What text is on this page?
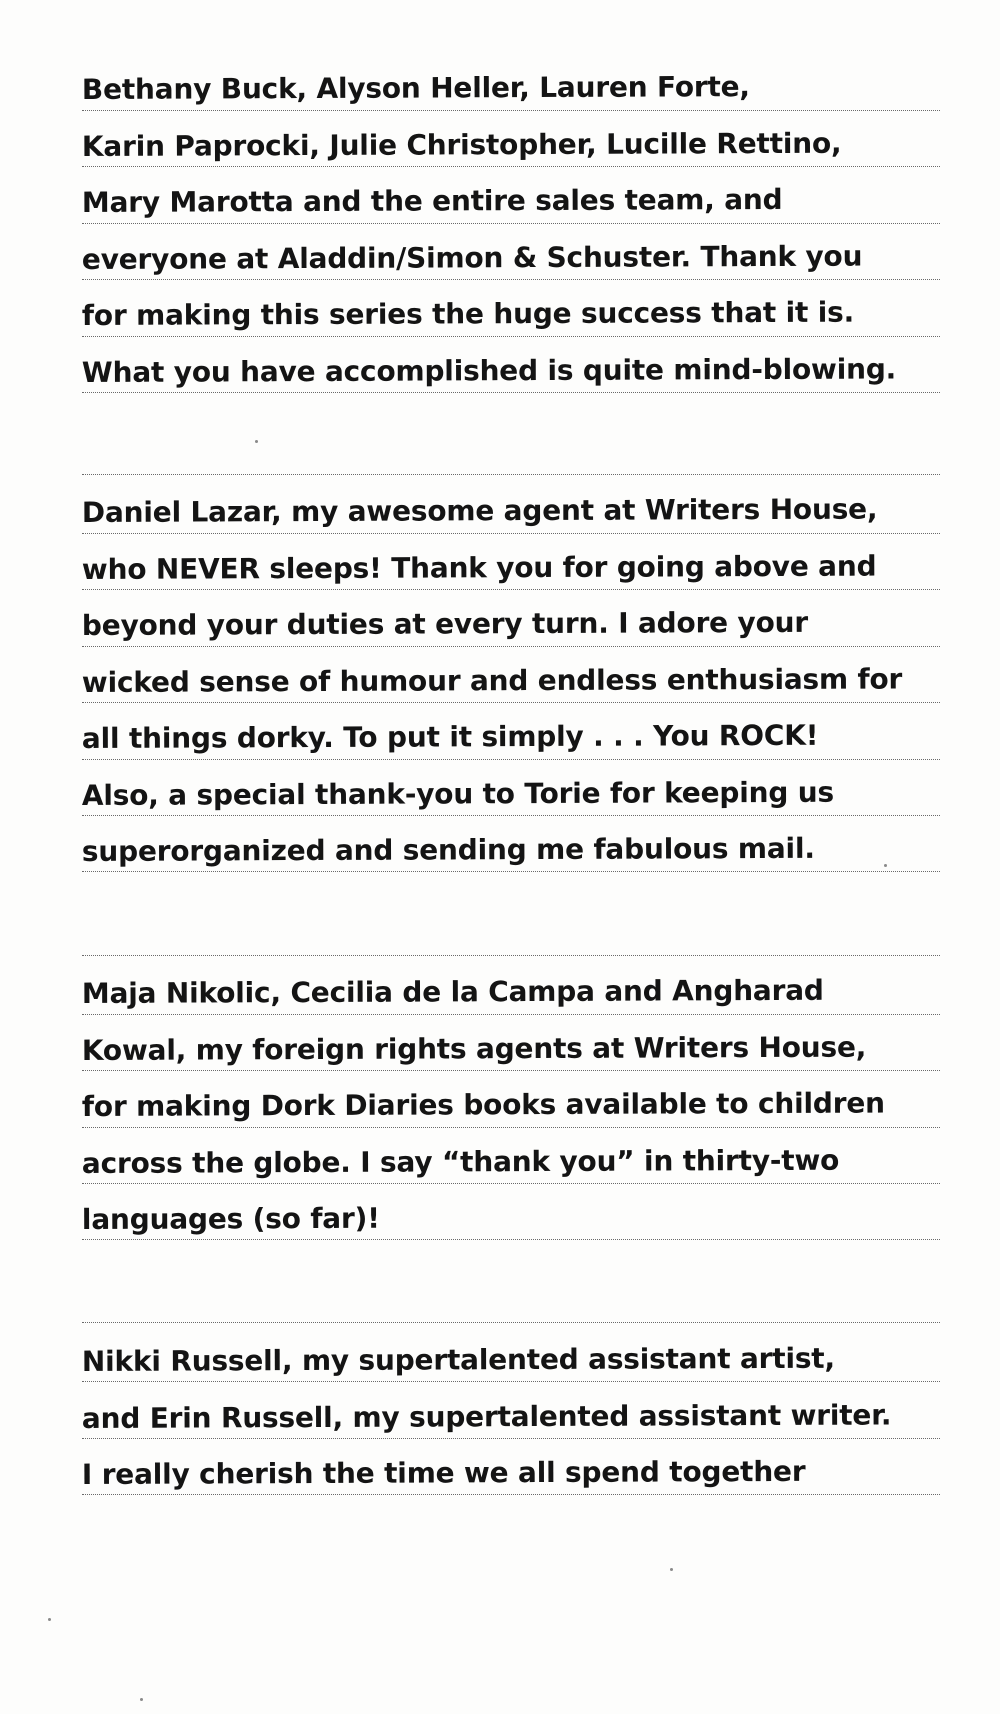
Bethany Buck, Alyson Heller, Lauren Forte,
Karin Paprocki, Julie Christopher, Lucille Rettino,
Mary Marotta and the entire sales team, and
everyone at Aladdin/Simon & Schuster. Thank you
for making this series the huge success that it is.
What you have accomplished is quite mind-blowing.
Daniel Lazar, my awesome agent at Writers House,
who NEVER sleeps! Thank you for going above and
beyond your duties at every turn. I adore your
wicked sense of humour and endless enthusiasm for
all things dorky. To put it simply . . . You ROCK!
Also, a special thank-you to Torie for keeping us
superorganized and sending me fabulous mail.
Maja Nikolic, Cecilia de la Campa and Angharad
Kowal, my foreign rights agents at Writers House,
for making Dork Diaries books available to children
across the globe. I say “thank you” in thirty-two
languages (so far)!
Nikki Russell, my supertalented assistant artist,
and Erin Russell, my supertalented assistant writer.
I really cherish the time we all spend together
